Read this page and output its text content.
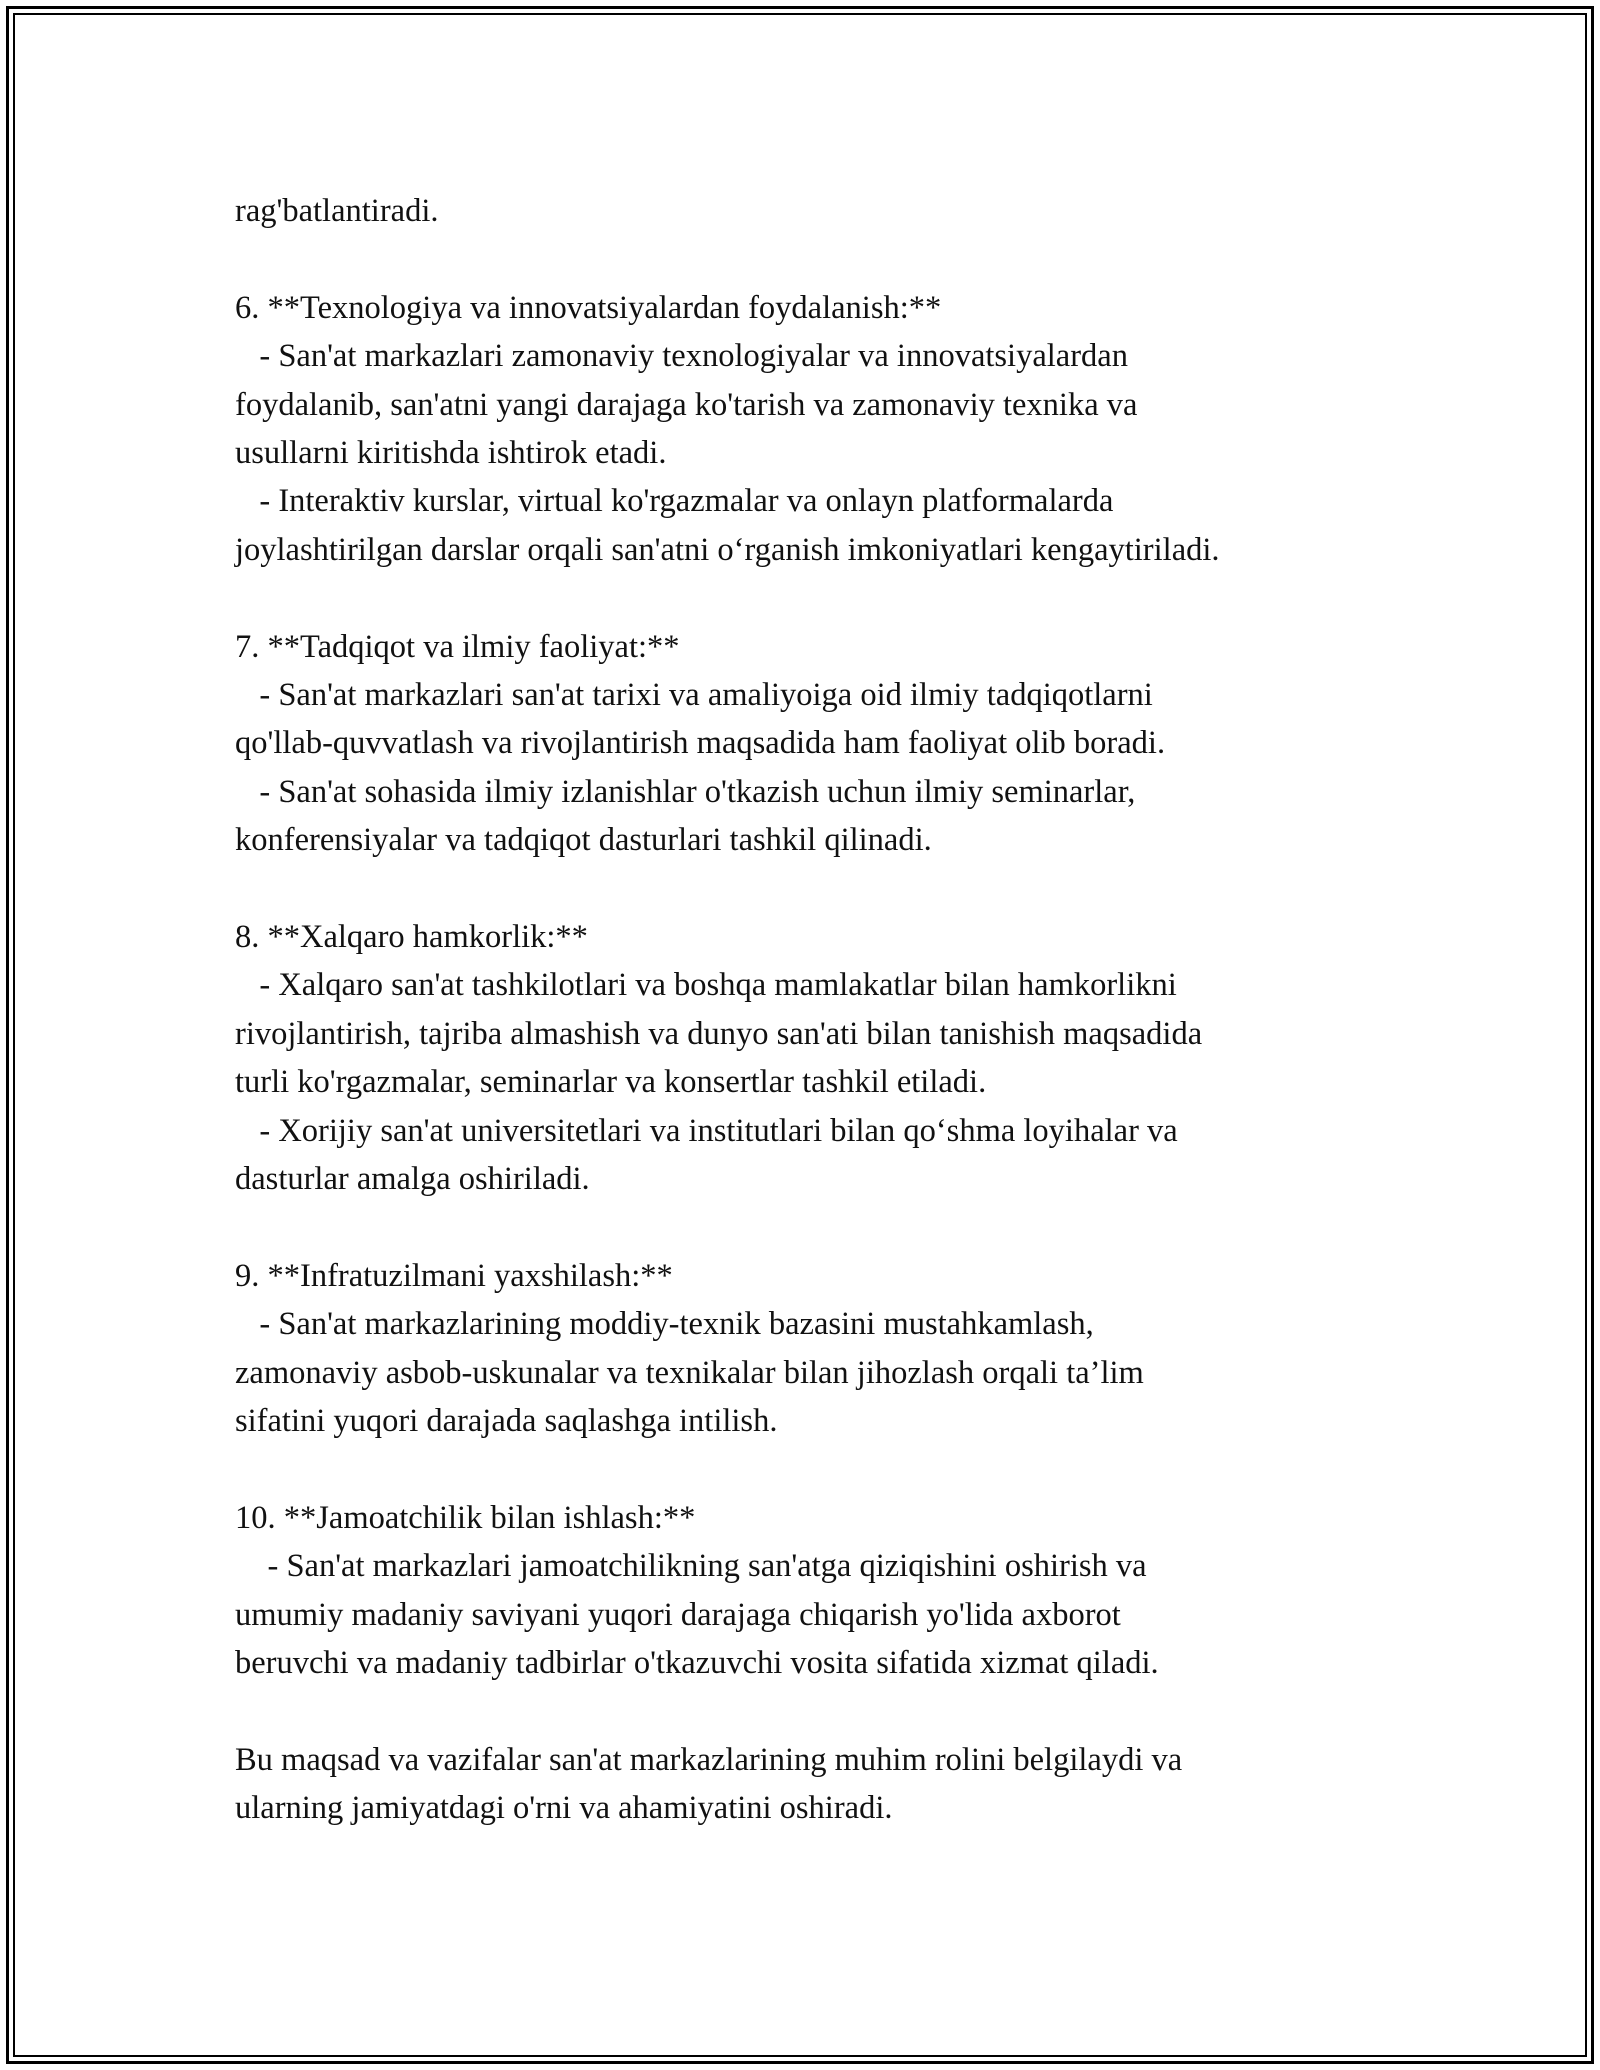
rag'batlantiradi.
6. **Texnologiya va innovatsiyalardan foydalanish:**
- San'at markazlari zamonaviy texnologiyalar va innovatsiyalardan
foydalanib, san'atni yangi darajaga ko'tarish va zamonaviy texnika va
usullarni kiritishda ishtirok etadi.
- Interaktiv kurslar, virtual ko'rgazmalar va onlayn platformalarda
joylashtirilgan darslar orqali san'atni o‘rganish imkoniyatlari kengaytiriladi.
7. **Tadqiqot va ilmiy faoliyat:**
- San'at markazlari san'at tarixi va amaliyoiga oid ilmiy tadqiqotlarni
qo'llab-quvvatlash va rivojlantirish maqsadida ham faoliyat olib boradi.
- San'at sohasida ilmiy izlanishlar o'tkazish uchun ilmiy seminarlar,
konferensiyalar va tadqiqot dasturlari tashkil qilinadi.
8. **Xalqaro hamkorlik:**
- Xalqaro san'at tashkilotlari va boshqa mamlakatlar bilan hamkorlikni
rivojlantirish, tajriba almashish va dunyo san'ati bilan tanishish maqsadida
turli ko'rgazmalar, seminarlar va konsertlar tashkil etiladi.
- Xorijiy san'at universitetlari va institutlari bilan qo‘shma loyihalar va
dasturlar amalga oshiriladi.
9. **Infratuzilmani yaxshilash:**
- San'at markazlarining moddiy-texnik bazasini mustahkamlash,
zamonaviy asbob-uskunalar va texnikalar bilan jihozlash orqali ta’lim
sifatini yuqori darajada saqlashga intilish.
10. **Jamoatchilik bilan ishlash:**
- San'at markazlari jamoatchilikning san'atga qiziqishini oshirish va
umumiy madaniy saviyani yuqori darajaga chiqarish yo'lida axborot
beruvchi va madaniy tadbirlar o'tkazuvchi vosita sifatida xizmat qiladi.
Bu maqsad va vazifalar san'at markazlarining muhim rolini belgilaydi va
ularning jamiyatdagi o'rni va ahamiyatini oshiradi.
